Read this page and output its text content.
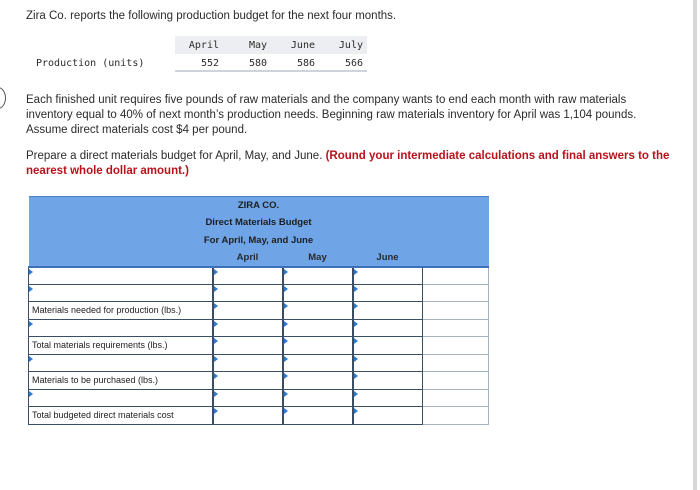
Zira Co. reports the following production budget for the next four months.
	April	May	June	July
Production (units)	552	580	586	566
Each finished unit requires five pounds of raw materials and the company wants to end each month with raw materials inventory equal to 40% of next month’s production needs. Beginning raw materials inventory for April was 1,104 pounds. Assume direct materials cost $4 per pound.
Prepare a direct materials budget for April, May, and June. (Round your intermediate calculations and final answers to the nearest whole dollar amount.)
ZIRA CO.				
Direct Materials Budget				
For April, May, and June				
	April	May	June	

Materials needed for production (lbs.)				

Total materials requirements (lbs.)				

Materials to be purchased (lbs.)				

Total budgeted direct materials cost				
